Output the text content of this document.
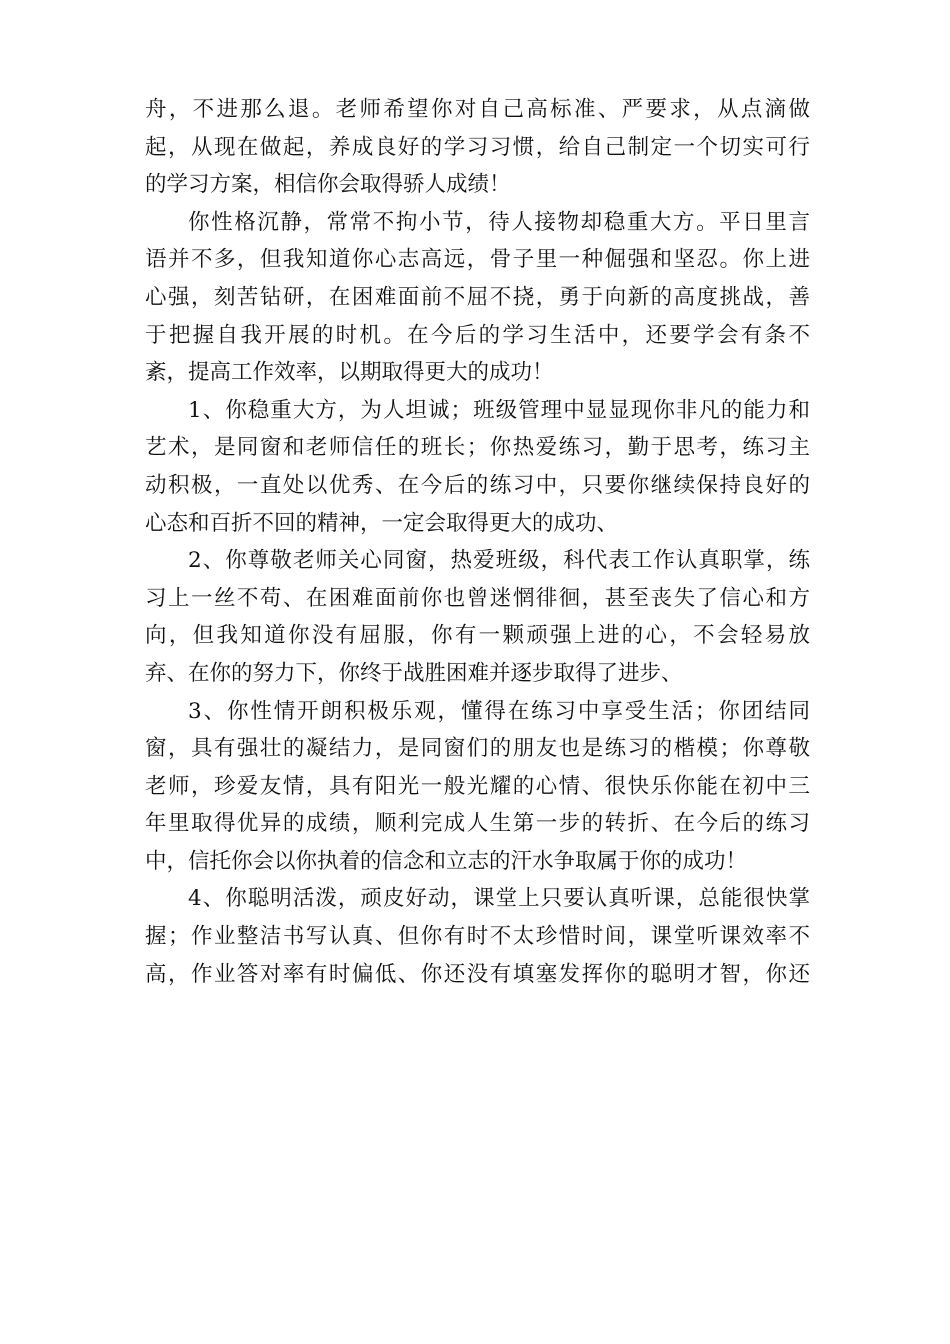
舟，不进那么退。老师希望你对自己高标准、严要求，从点滴做
起，从现在做起，养成良好的学习习惯，给自己制定一个切实可行
的学习方案，相信你会取得骄人成绩！

你性格沉静，常常不拘小节，待人接物却稳重大方。平日里言
语并不多，但我知道你心志高远，骨子里一种倔强和坚忍。你上进
心强，刻苦钻研，在困难面前不屈不挠，勇于向新的高度挑战，善
于把握自我开展的时机。在今后的学习生活中，还要学会有条不
紊，提高工作效率，以期取得更大的成功！

1、你稳重大方，为人坦诚；班级管理中显显现你非凡的能力和
艺术，是同窗和老师信任的班长；你热爱练习，勤于思考，练习主
动积极，一直处以优秀、在今后的练习中，只要你继续保持良好的
心态和百折不回的精神，一定会取得更大的成功、

2、你尊敬老师关心同窗，热爱班级，科代表工作认真职掌，练
习上一丝不苟、在困难面前你也曾迷惘徘徊，甚至丧失了信心和方
向，但我知道你没有屈服，你有一颗顽强上进的心，不会轻易放
弃、在你的努力下，你终于战胜困难并逐步取得了进步、

3、你性情开朗积极乐观，懂得在练习中享受生活；你团结同
窗，具有强壮的凝结力，是同窗们的朋友也是练习的楷模；你尊敬
老师，珍爱友情，具有阳光一般光耀的心情、很快乐你能在初中三
年里取得优异的成绩，顺利完成人生第一步的转折、在今后的练习
中，信托你会以你执着的信念和立志的汗水争取属于你的成功！

4、你聪明活泼，顽皮好动，课堂上只要认真听课，总能很快掌
握；作业整洁书写认真、但你有时不太珍惜时间，课堂听课效率不
高，作业答对率有时偏低、你还没有填塞发挥你的聪明才智，你还
